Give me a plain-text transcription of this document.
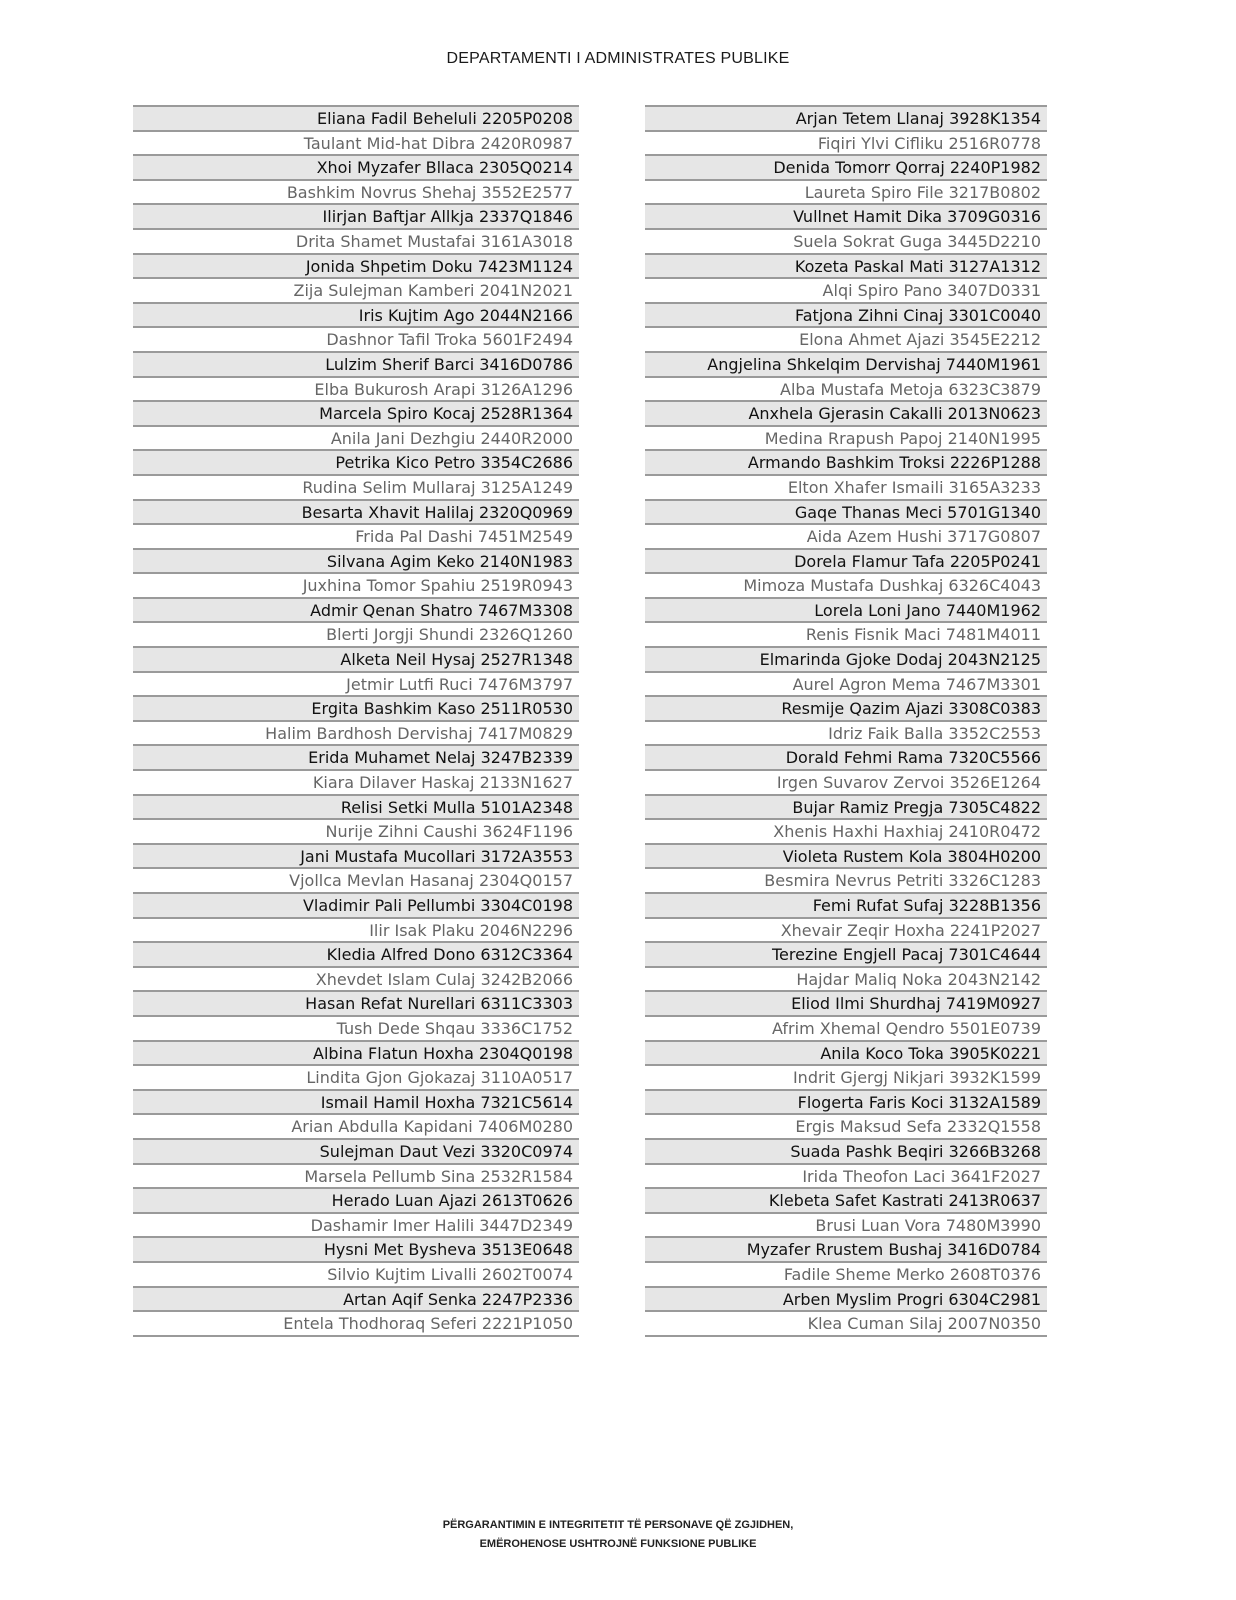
DEPARTAMENTI I ADMINISTRATES PUBLIKE
Eliana Fadil Beheluli 2205P0208
Taulant Mid-hat Dibra 2420R0987
Xhoi Myzafer Bllaca 2305Q0214
Bashkim Novrus Shehaj 3552E2577
Ilirjan Baftjar Allkja 2337Q1846
Drita Shamet Mustafai 3161A3018
Jonida Shpetim Doku 7423M1124
Zija Sulejman Kamberi 2041N2021
Iris Kujtim Ago 2044N2166
Dashnor Tafil Troka 5601F2494
Lulzim Sherif Barci 3416D0786
Elba Bukurosh Arapi 3126A1296
Marcela Spiro Kocaj 2528R1364
Anila Jani Dezhgiu 2440R2000
Petrika Kico Petro 3354C2686
Rudina Selim Mullaraj 3125A1249
Besarta Xhavit Halilaj 2320Q0969
Frida Pal Dashi 7451M2549
Silvana Agim Keko 2140N1983
Juxhina Tomor Spahiu 2519R0943
Admir Qenan Shatro 7467M3308
Blerti Jorgji Shundi 2326Q1260
Alketa Neil Hysaj 2527R1348
Jetmir Lutfi Ruci 7476M3797
Ergita Bashkim Kaso 2511R0530
Halim Bardhosh Dervishaj 7417M0829
Erida Muhamet Nelaj 3247B2339
Kiara Dilaver Haskaj 2133N1627
Relisi Setki Mulla 5101A2348
Nurije Zihni Caushi 3624F1196
Jani Mustafa Mucollari 3172A3553
Vjollca Mevlan Hasanaj 2304Q0157
Vladimir Pali Pellumbi 3304C0198
Ilir Isak Plaku 2046N2296
Kledia Alfred Dono 6312C3364
Xhevdet Islam Culaj 3242B2066
Hasan Refat Nurellari 6311C3303
Tush Dede Shqau 3336C1752
Albina Flatun Hoxha 2304Q0198
Lindita Gjon Gjokazaj 3110A0517
Ismail Hamil Hoxha 7321C5614
Arian Abdulla Kapidani 7406M0280
Sulejman Daut Vezi 3320C0974
Marsela Pellumb Sina 2532R1584
Herado Luan Ajazi 2613T0626
Dashamir Imer Halili 3447D2349
Hysni Met Bysheva 3513E0648
Silvio Kujtim Livalli 2602T0074
Artan Aqif Senka 2247P2336
Entela Thodhoraq Seferi 2221P1050
Arjan Tetem Llanaj 3928K1354
Fiqiri Ylvi Cifliku 2516R0778
Denida Tomorr Qorraj 2240P1982
Laureta Spiro File 3217B0802
Vullnet Hamit Dika 3709G0316
Suela Sokrat Guga 3445D2210
Kozeta Paskal Mati 3127A1312
Alqi Spiro Pano 3407D0331
Fatjona Zihni Cinaj 3301C0040
Elona Ahmet Ajazi 3545E2212
Angjelina Shkelqim Dervishaj 7440M1961
Alba Mustafa Metoja 6323C3879
Anxhela Gjerasin Cakalli 2013N0623
Medina Rrapush Papoj 2140N1995
Armando Bashkim Troksi 2226P1288
Elton Xhafer Ismaili 3165A3233
Gaqe Thanas Meci 5701G1340
Aida Azem Hushi 3717G0807
Dorela Flamur Tafa 2205P0241
Mimoza Mustafa Dushkaj 6326C4043
Lorela Loni Jano 7440M1962
Renis Fisnik Maci 7481M4011
Elmarinda Gjoke Dodaj 2043N2125
Aurel Agron Mema 7467M3301
Resmije Qazim Ajazi 3308C0383
Idriz Faik Balla 3352C2553
Dorald Fehmi Rama 7320C5566
Irgen Suvarov Zervoi 3526E1264
Bujar Ramiz Pregja 7305C4822
Xhenis Haxhi Haxhiaj 2410R0472
Violeta Rustem Kola 3804H0200
Besmira Nevrus Petriti 3326C1283
Femi Rufat Sufaj 3228B1356
Xhevair Zeqir Hoxha 2241P2027
Terezine Engjell Pacaj 7301C4644
Hajdar Maliq Noka 2043N2142
Eliod Ilmi Shurdhaj 7419M0927
Afrim Xhemal Qendro 5501E0739
Anila Koco Toka 3905K0221
Indrit Gjergj Nikjari 3932K1599
Flogerta Faris Koci 3132A1589
Ergis Maksud Sefa 2332Q1558
Suada Pashk Beqiri 3266B3268
Irida Theofon Laci 3641F2027
Klebeta Safet Kastrati 2413R0637
Brusi Luan Vora 7480M3990
Myzafer Rrustem Bushaj 3416D0784
Fadile Sheme Merko 2608T0376
Arben Myslim Progri 6304C2981
Klea Cuman Silaj 2007N0350
PËRGARANTIMIN E INTEGRITETIT TË PERSONAVE QË ZGJIDHEN,
EMËROHENOSE USHTROJNË FUNKSIONE PUBLIKE
